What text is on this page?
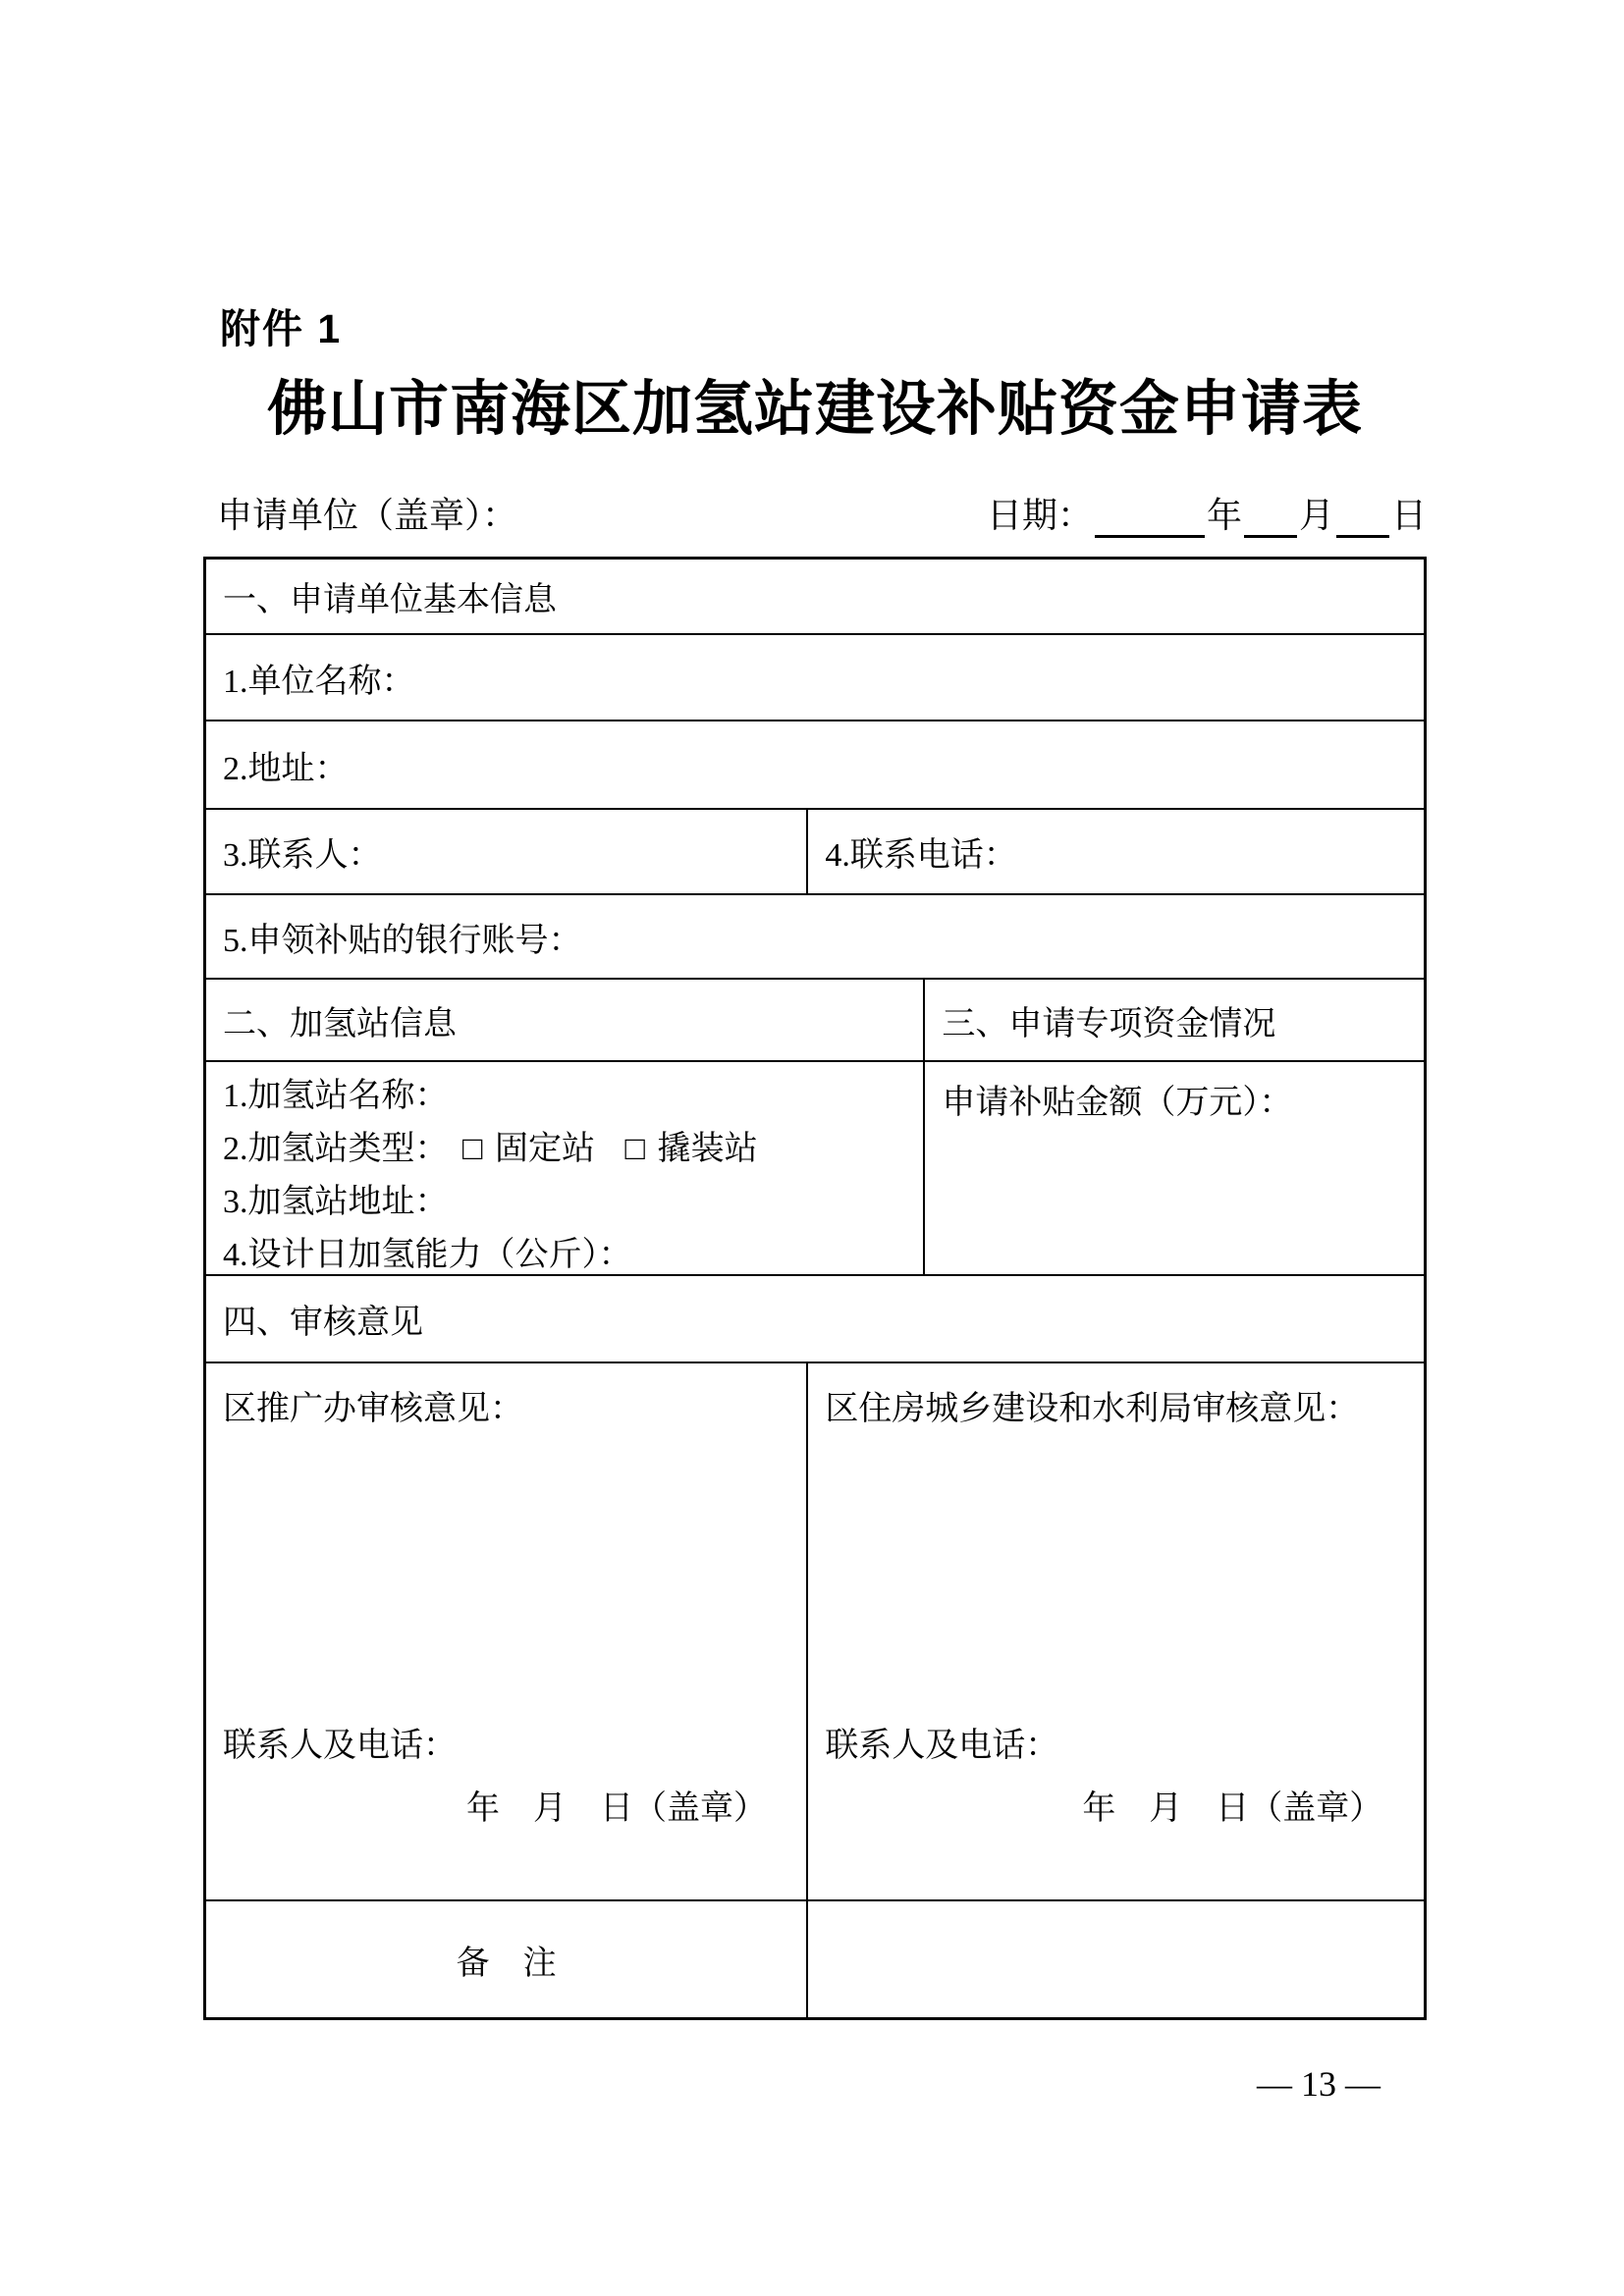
附件 1
佛山市南海区加氢站建设补贴资金申请表
申请单位（盖章）：	日期：	年 月 日
一、申请单位基本信息
1.单位名称：
2.地址：
3.联系人：	4.联系电话：
5.申领补贴的银行账号：
二、加氢站信息	三、申请专项资金情况
1.加氢站名称：
2.加氢站类型： □ 固定站 □ 撬装站
3.加氢站地址：
4.设计日加氢能力（公斤）：
申请补贴金额（万元）：
四、审核意见
区推广办审核意见：
联系人及电话：
年　月　日（盖章）
区住房城乡建设和水利局审核意见：
联系人及电话：
年　月　日（盖章）
备　注
— 13 —
